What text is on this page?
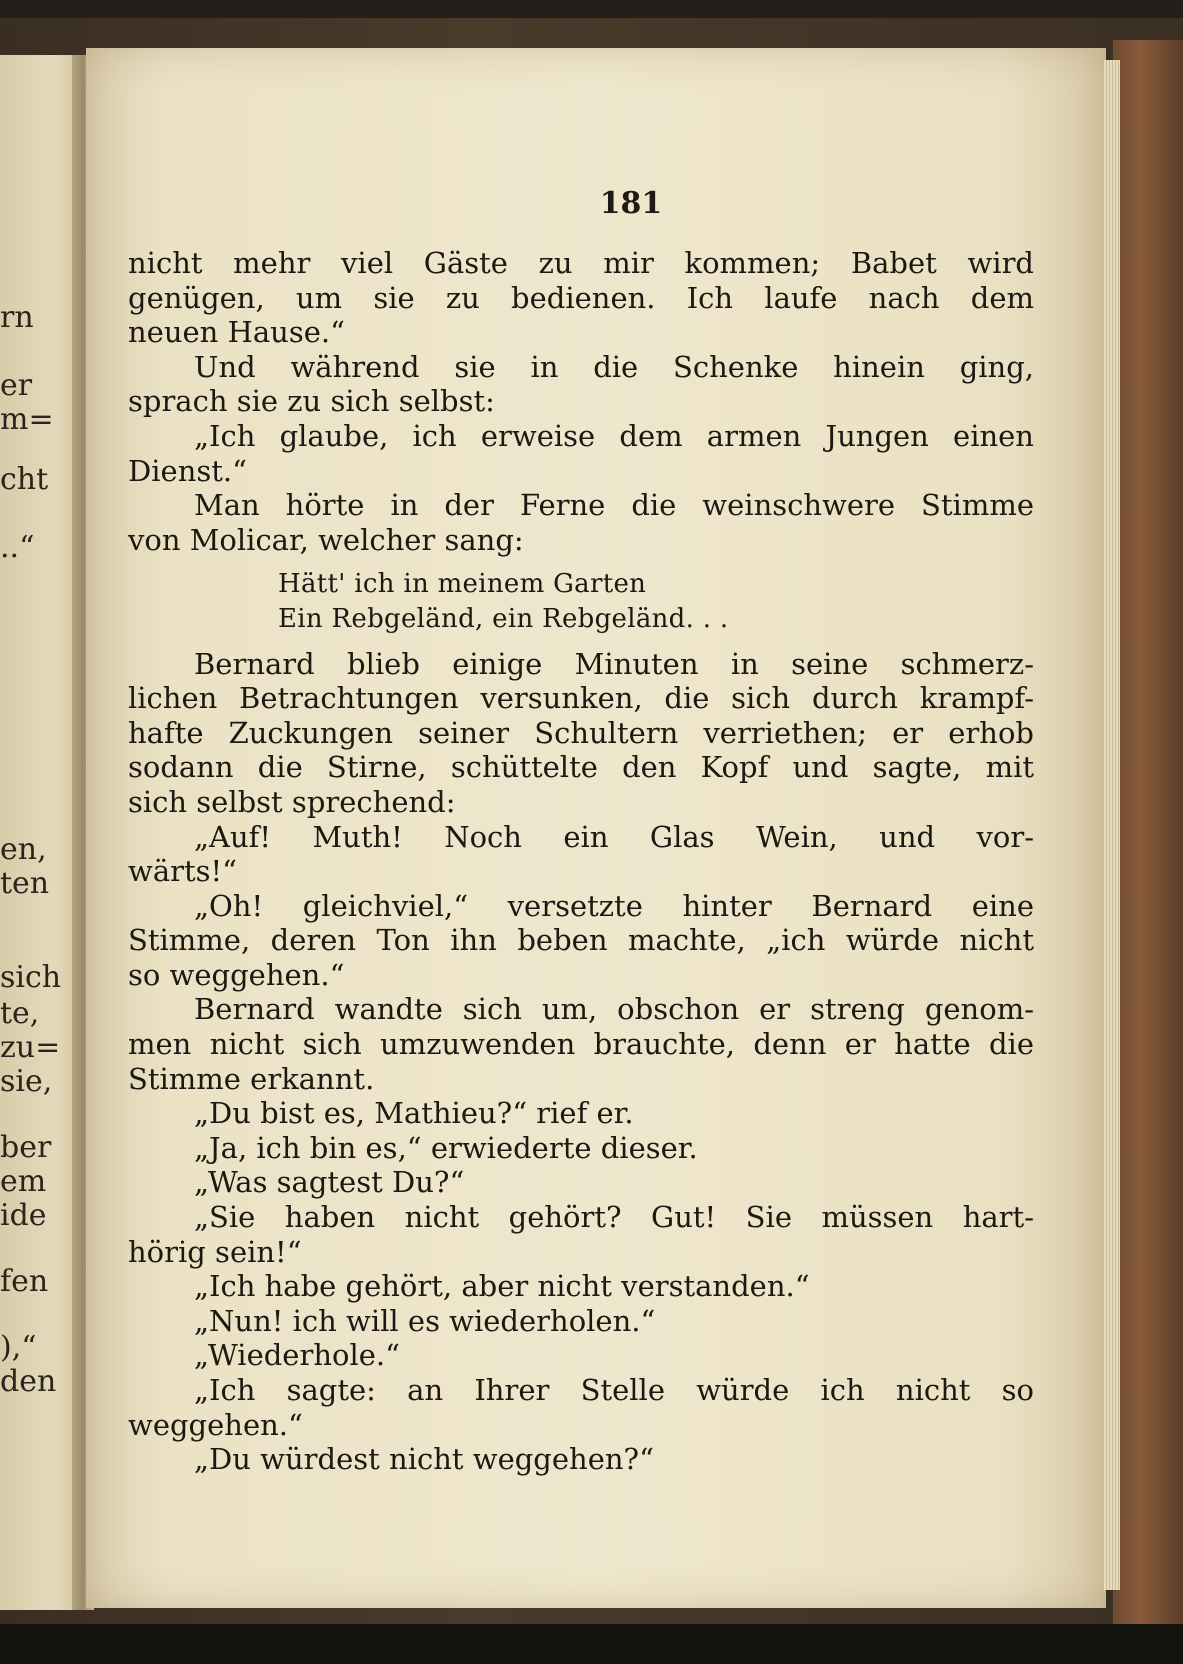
rn
er
m=
cht
..“
en,
ten
sich
te,
zu=
sie,
ber
em
ide
fen
),“
den
181
nicht mehr viel Gäste zu mir kommen; Babet wird
genügen, um sie zu bedienen. Ich laufe nach dem
neuen Hause.“
Und während sie in die Schenke hinein ging,
sprach sie zu sich selbst:
„Ich glaube, ich erweise dem armen Jungen einen
Dienst.“
Man hörte in der Ferne die weinschwere Stimme
von Molicar, welcher sang:
Hätt' ich in meinem Garten
Ein Rebgeländ, ein Rebgeländ. . .
Bernard blieb einige Minuten in seine schmerz-
lichen Betrachtungen versunken, die sich durch krampf-
hafte Zuckungen seiner Schultern verriethen; er erhob
sodann die Stirne, schüttelte den Kopf und sagte, mit
sich selbst sprechend:
„Auf! Muth! Noch ein Glas Wein, und vor-
wärts!“
„Oh! gleichviel,“ versetzte hinter Bernard eine
Stimme, deren Ton ihn beben machte, „ich würde nicht
so weggehen.“
Bernard wandte sich um, obschon er streng genom-
men nicht sich umzuwenden brauchte, denn er hatte die
Stimme erkannt.
„Du bist es, Mathieu?“ rief er.
„Ja, ich bin es,“ erwiederte dieser.
„Was sagtest Du?“
„Sie haben nicht gehört? Gut! Sie müssen hart-
hörig sein!“
„Ich habe gehört, aber nicht verstanden.“
„Nun! ich will es wiederholen.“
„Wiederhole.“
„Ich sagte: an Ihrer Stelle würde ich nicht so
weggehen.“
„Du würdest nicht weggehen?“
